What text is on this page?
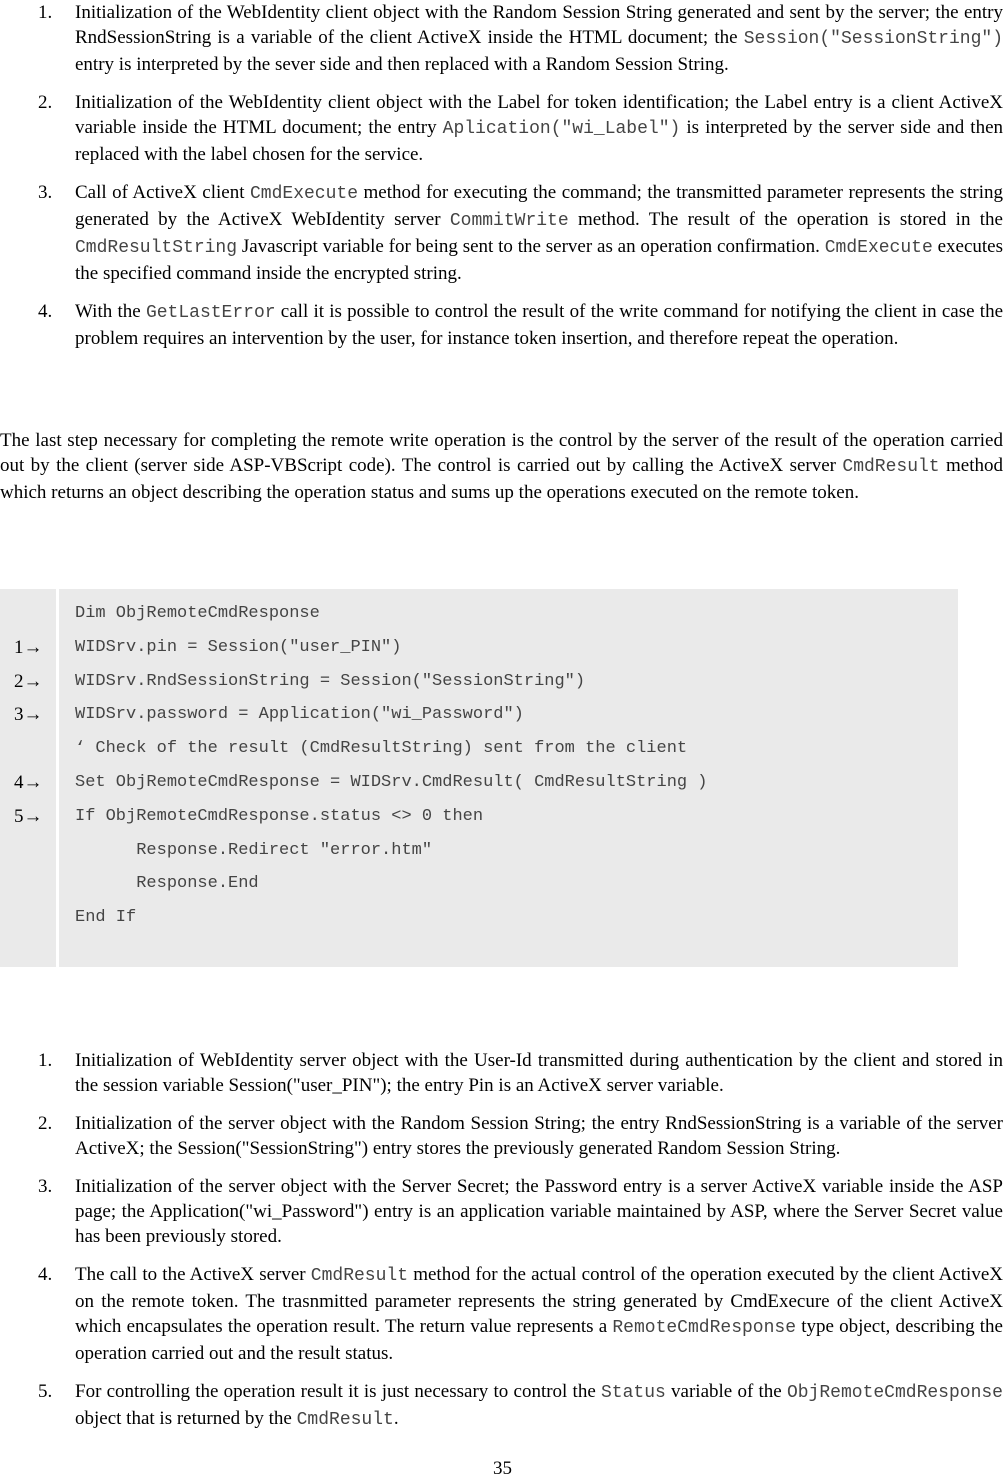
1. Initialization of the WebIdentity client object with the Random Session String generated and sent by the server; the entry RndSessionString is a variable of the client ActiveX inside the HTML document; the Session("SessionString") entry is interpreted by the sever side and then replaced with a Random Session String.
2. Initialization of the WebIdentity client object with the Label for token identification; the Label entry is a client ActiveX variable inside the HTML document; the entry Aplication("wi_Label") is interpreted by the server side and then replaced with the label chosen for the service.
3. Call of ActiveX client CmdExecute method for executing the command; the transmitted parameter represents the string generated by the ActiveX WebIdentity server CommitWrite method. The result of the operation is stored in the CmdResultString Javascript variable for being sent to the server as an operation confirmation. CmdExecute executes the specified command inside the encrypted string.
4. With the GetLastError call it is possible to control the result of the write command for notifying the client in case the problem requires an intervention by the user, for instance token insertion, and therefore repeat the operation.

The last step necessary for completing the remote write operation is the control by the server of the result of the operation carried out by the client (server side ASP-VBScript code). The control is carried out by calling the ActiveX server CmdResult method which returns an object describing the operation status and sums up the operations executed on the remote token.

Dim ObjRemoteCmdResponse
WIDSrv.pin = Session("user_PIN")
1→
WIDSrv.RndSessionString = Session("SessionString")
2→
WIDSrv.password = Application("wi_Password")
3→
‘ Check of the result (CmdResultString) sent from the client
Set ObjRemoteCmdResponse = WIDSrv.CmdResult( CmdResultString )
4→
If ObjRemoteCmdResponse.status <> 0 then
5→
Response.Redirect "error.htm"
Response.End
End If
1. Initialization of WebIdentity server object with the User-Id transmitted during authentication by the client and stored in the session variable Session("user_PIN"); the entry Pin is an ActiveX server variable.
2. Initialization of the server object with the Random Session String; the entry RndSessionString is a variable of the server ActiveX; the Session("SessionString") entry stores the previously generated Random Session String.
3. Initialization of the server object with the Server Secret; the Password entry is a server ActiveX variable inside the ASP page; the Application("wi_Password") entry is an application variable maintained by ASP, where the Server Secret value has been previously stored.
4. The call to the ActiveX server CmdResult method for the actual control of the operation executed by the client ActiveX on the remote token. The trasnmitted parameter represents the string generated by CmdExecure of the client ActiveX which encapsulates the operation result. The return value represents a RemoteCmdResponse type object, describing the operation carried out and the result status.
5. For controlling the operation result it is just necessary to control the Status variable of the ObjRemoteCmdResponse object that is returned by the CmdResult.
35
